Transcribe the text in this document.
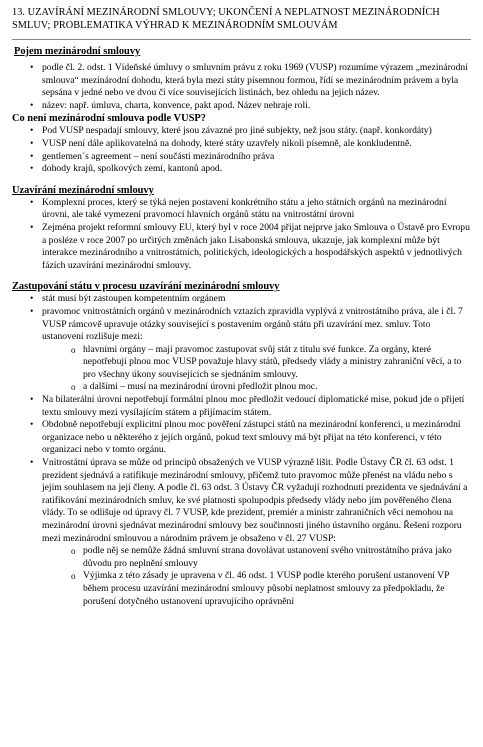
13. UZAVÍRÁNÍ MEZINÁRODNÍ SMLOUVY; UKONČENÍ A NEPLATNOST MEZINÁRODNÍCH SMLUV; PROBLEMATIKA VÝHRAD K MEZINÁRODNÍM SMLOUVÁM

Pojem mezinárodní smlouvy

• podle čl. 2. odst. 1 Vídeňské úmluvy o smluvním právu z roku 1969 (VUSP) rozumíme výrazem „mezinárodní smlouva“ mezinárodní dohodu, která byla mezi státy písemnou formou, řídí se mezinárodním právem a byla sepsána v jedné nebo ve dvou či více souvisejících listinách, bez ohledu na jejich název.
• název: např. úmluva, charta, konvence, pakt apod. Název nehraje roli.

Co není mezinárodní smlouva podle VUSP?

• Pod VUSP nespadají smlouvy, které jsou závazné pro jiné subjekty, než jsou státy. (např. konkordáty)
• VUSP není dále aplikovatelná na dohody, které státy uzavřely nikoli písemně, ale konkludentně.
• gentlemen´s agreement – není součástí mezinárodního práva
• dohody krajů, spolkových zemí, kantonů apod.

Uzavírání mezinárodní smlouvy

• Komplexní proces, který se týká nejen postavení konkrétního státu a jeho státních orgánů na mezinárodní úrovni, ale také vymezení pravomocí hlavních orgánů státu na vnitrostátní úrovni
• Zejména projekt reformní smlouvy EU, který byl v roce 2004 přijat nejprve jako Smlouva o Ústavě pro Evropu a posléze v roce 2007 po určitých změnách jako Lisabonská smlouva, ukazuje, jak komplexní může být interakce mezinárodního a vnitrostátních, politických, ideologických a hospodářských aspektů v jednotlivých fázích uzavírání mezinárodní smlouvy.

Zastupování státu v procesu uzavírání mezinárodní smlouvy

• stát musí být zastoupen kompetentním orgánem
• pravomoc vnitrostátních orgánů v mezinárodních vztazích zpravidla vyplývá z vnitrostátního práva, ale i čl. 7 VUSP rámcově upravuje otázky související s postavením orgánů státu při uzavírání mez. smluv. Toto ustanovení rozlišuje mezi:
o hlavními orgány – mají pravomoc zastupovat svůj stát z titulu své funkce. Za orgány, které nepotřebují plnou moc VUSP považuje hlavy států, předsedy vlády a ministry zahraniční věcí, a to pro všechny úkony souvisejících se sjednáním smlouvy.
o a dalšími – musí na mezinárodní úrovni předložit plnou moc.
• Na bilaterální úrovni nepotřebují formální plnou moc předložit vedoucí diplomatické mise, pokud jde o přijetí textu smlouvy mezi vysílajícím státem a přijímacím státem.
• Obdobně nepotřebují explicitní plnou moc pověření zástupci států na mezinárodní konferenci, u mezinárodní organizace nebo u některého z jejích orgánů, pokud text smlouvy má být přijat na této konferenci, v této organizaci nebo v tomto orgánu.
• Vnitrostátní úprava se může od principů obsažených ve VUSP výrazně lišit. Podle Ústavy ČR čl. 63 odst. 1 prezident sjednává a ratifikuje mezinárodní smlouvy, přičemž tuto pravomoc může přenést na vládu nebo s jejím souhlasem na její členy. A podle čl. 63 odst. 3 Ústavy ČR vyžadují rozhodnutí prezidenta ve sjednávání a ratifikování mezinárodních smluv, ke své platnosti spolupodpis předsedy vlády nebo jím pověřeného člena vlády. To se odlišuje od úpravy čl. 7 VUSP, kde prezident, premiér a ministr zahraničních věcí nemohou na mezinárodní úrovni sjednávat mezinárodní smlouvy bez součinnosti jiného ústavního orgánu. Řešení rozporu mezi mezinárodní smlouvou a národním právem je obsaženo v čl. 27 VUSP:
o podle něj se nemůže žádná smluvní strana dovolávat ustanovení svého vnitrostátního práva jako důvodu pro neplnění smlouvy
o Výjimka z této zásady je upravena v čl. 46 odst. 1 VUSP podle kterého porušení ustanovení VP během procesu uzavírání mezinárodní smlouvy působí neplatnost smlouvy za předpokladu, že porušení dotyčného ustanovení upravujícího oprávnění
